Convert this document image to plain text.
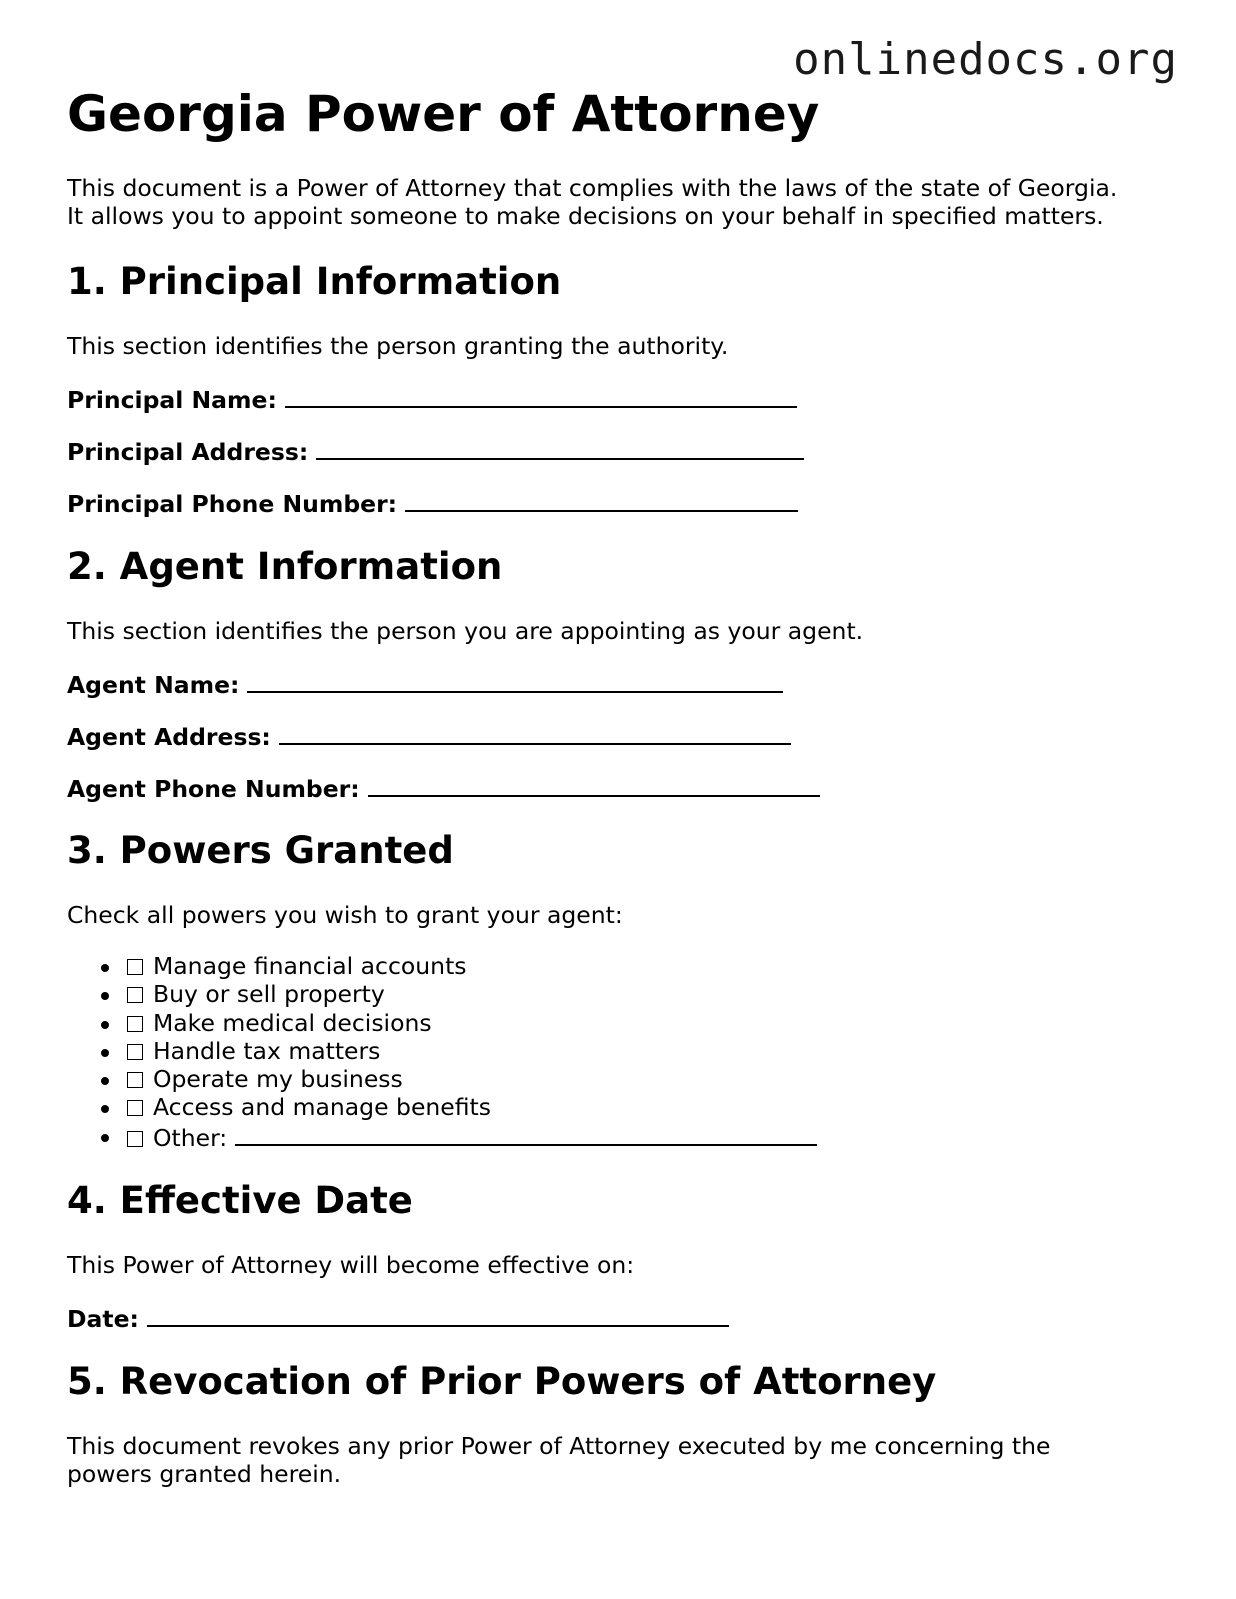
onlinedocs.org
Georgia Power of Attorney
This document is a Power of Attorney that complies with the laws of the state of Georgia.
It allows you to appoint someone to make decisions on your behalf in specified matters.
1. Principal Information

This section identifies the person granting the authority.

Principal Name:
Principal Address:
Principal Phone Number:
2. Agent Information

This section identifies the person you are appointing as your agent.

Agent Name:
Agent Address:
Agent Phone Number:
3. Powers Granted

Check all powers you wish to grant your agent:

Manage financial accounts
Buy or sell property
Make medical decisions
Handle tax matters
Operate my business
Access and manage benefits
Other:
4. Effective Date

This Power of Attorney will become effective on:

Date:
5. Revocation of Prior Powers of Attorney

This document revokes any prior Power of Attorney executed by me concerning the
powers granted herein.
